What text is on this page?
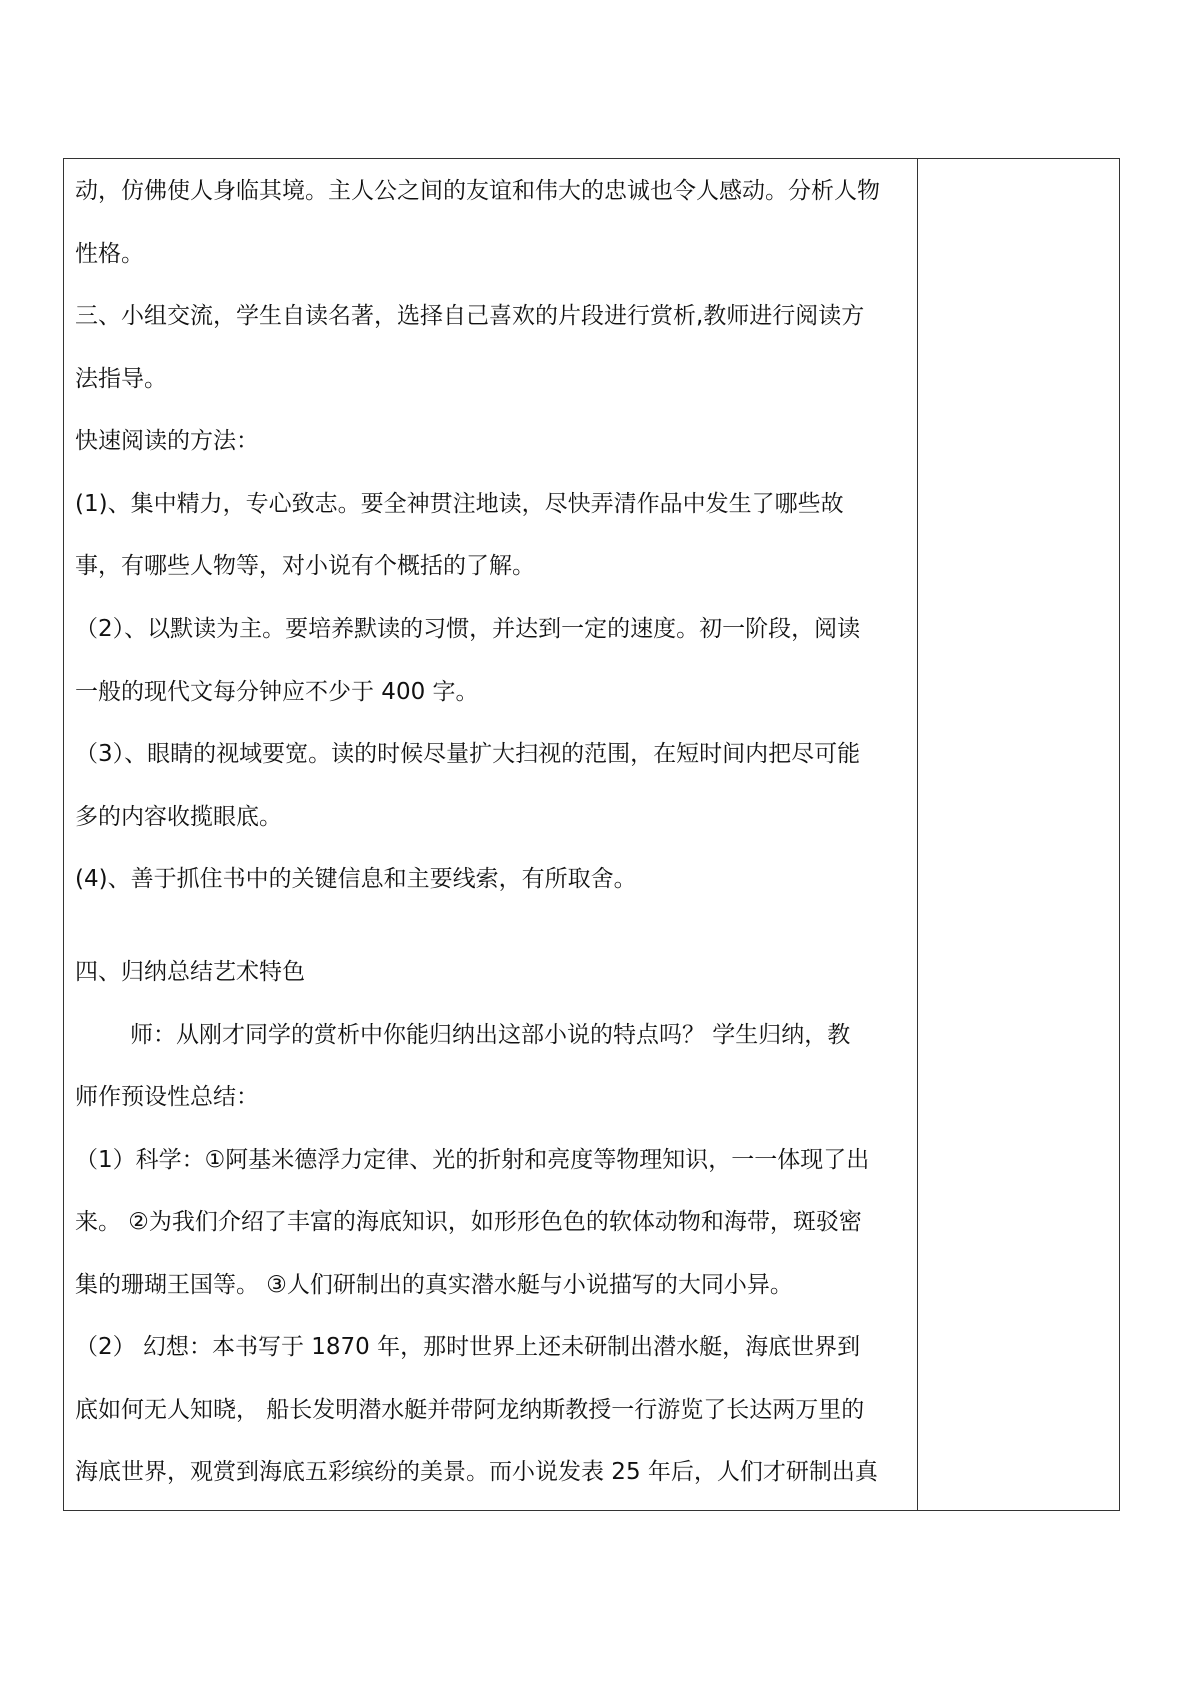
动，仿佛使人身临其境。主人公之间的友谊和伟大的忠诚也令人感动。分析人物
性格。
三、小组交流，学生自读名著，选择自己喜欢的片段进行赏析,教师进行阅读方
法指导。
快速阅读的方法：
(1)、集中精力，专心致志。要全神贯注地读，尽快弄清作品中发生了哪些故
事，有哪些人物等，对小说有个概括的了解。
（2）、以默读为主。要培养默读的习惯，并达到一定的速度。初一阶段，阅读
一般的现代文每分钟应不少于 400 字。
（3）、眼睛的视域要宽。读的时候尽量扩大扫视的范围，在短时间内把尽可能
多的内容收揽眼底。
(4)、善于抓住书中的关键信息和主要线索，有所取舍。
四、归纳总结艺术特色
师：从刚才同学的赏析中你能归纳出这部小说的特点吗？ 学生归纳，教
师作预设性总结：
（1）科学：①阿基米德浮力定律、光的折射和亮度等物理知识，一一体现了出
来。 ②为我们介绍了丰富的海底知识，如形形色色的软体动物和海带，斑驳密
集的珊瑚王国等。 ③人们研制出的真实潜水艇与小说描写的大同小异。
（2） 幻想：本书写于 1870 年，那时世界上还未研制出潜水艇，海底世界到
底如何无人知晓， 船长发明潜水艇并带阿龙纳斯教授一行游览了长达两万里的
海底世界，观赏到海底五彩缤纷的美景。而小说发表 25 年后，人们才研制出真
